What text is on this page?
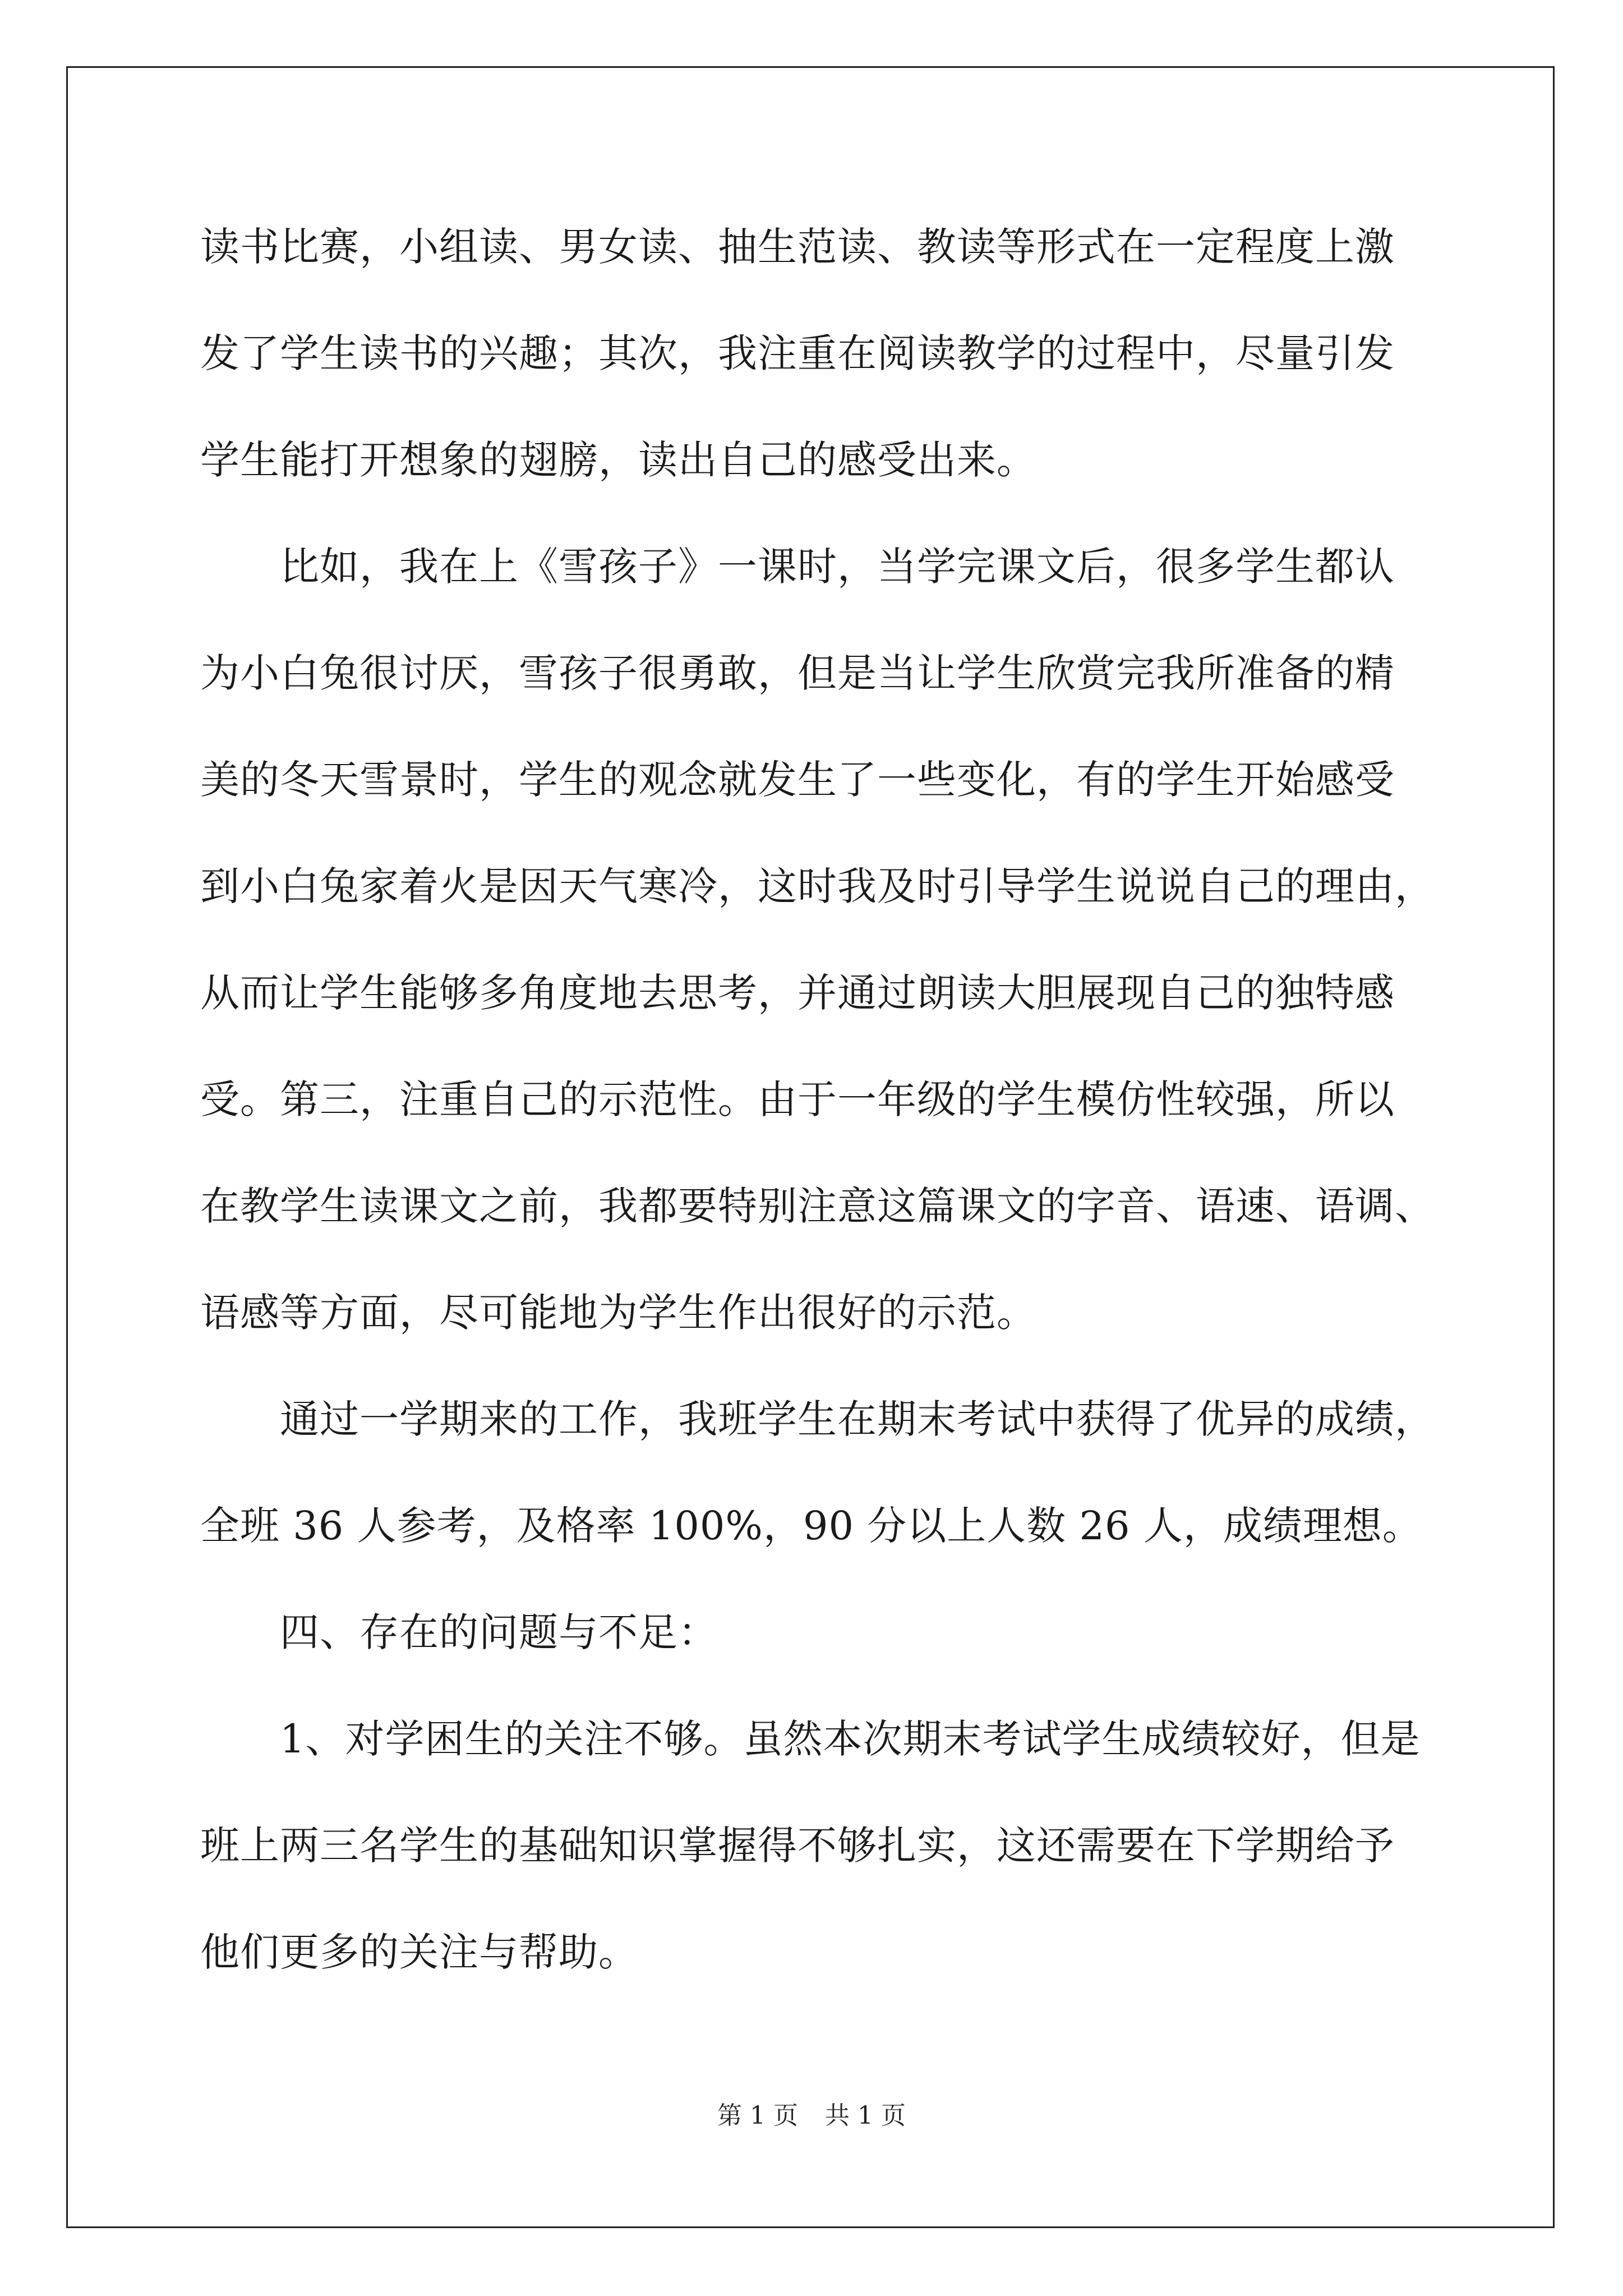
读书比赛，小组读、男女读、抽生范读、教读等形式在一定程度上激
发了学生读书的兴趣；其次，我注重在阅读教学的过程中，尽量引发
学生能打开想象的翅膀，读出自己的感受出来。
比如，我在上《雪孩子》一课时，当学完课文后，很多学生都认
为小白兔很讨厌，雪孩子很勇敢，但是当让学生欣赏完我所准备的精
美的冬天雪景时，学生的观念就发生了一些变化，有的学生开始感受
到小白兔家着火是因天气寒冷，这时我及时引导学生说说自己的理由，
从而让学生能够多角度地去思考，并通过朗读大胆展现自己的独特感
受。第三，注重自己的示范性。由于一年级的学生模仿性较强，所以
在教学生读课文之前，我都要特别注意这篇课文的字音、语速、语调、
语感等方面，尽可能地为学生作出很好的示范。
通过一学期来的工作，我班学生在期末考试中获得了优异的成绩，
全班 36 人参考，及格率 100%，90 分以上人数 26 人，成绩理想。
四、存在的问题与不足：
1、对学困生的关注不够。虽然本次期末考试学生成绩较好，但是
班上两三名学生的基础知识掌握得不够扎实，这还需要在下学期给予
他们更多的关注与帮助。
第 1 页 共 1 页
